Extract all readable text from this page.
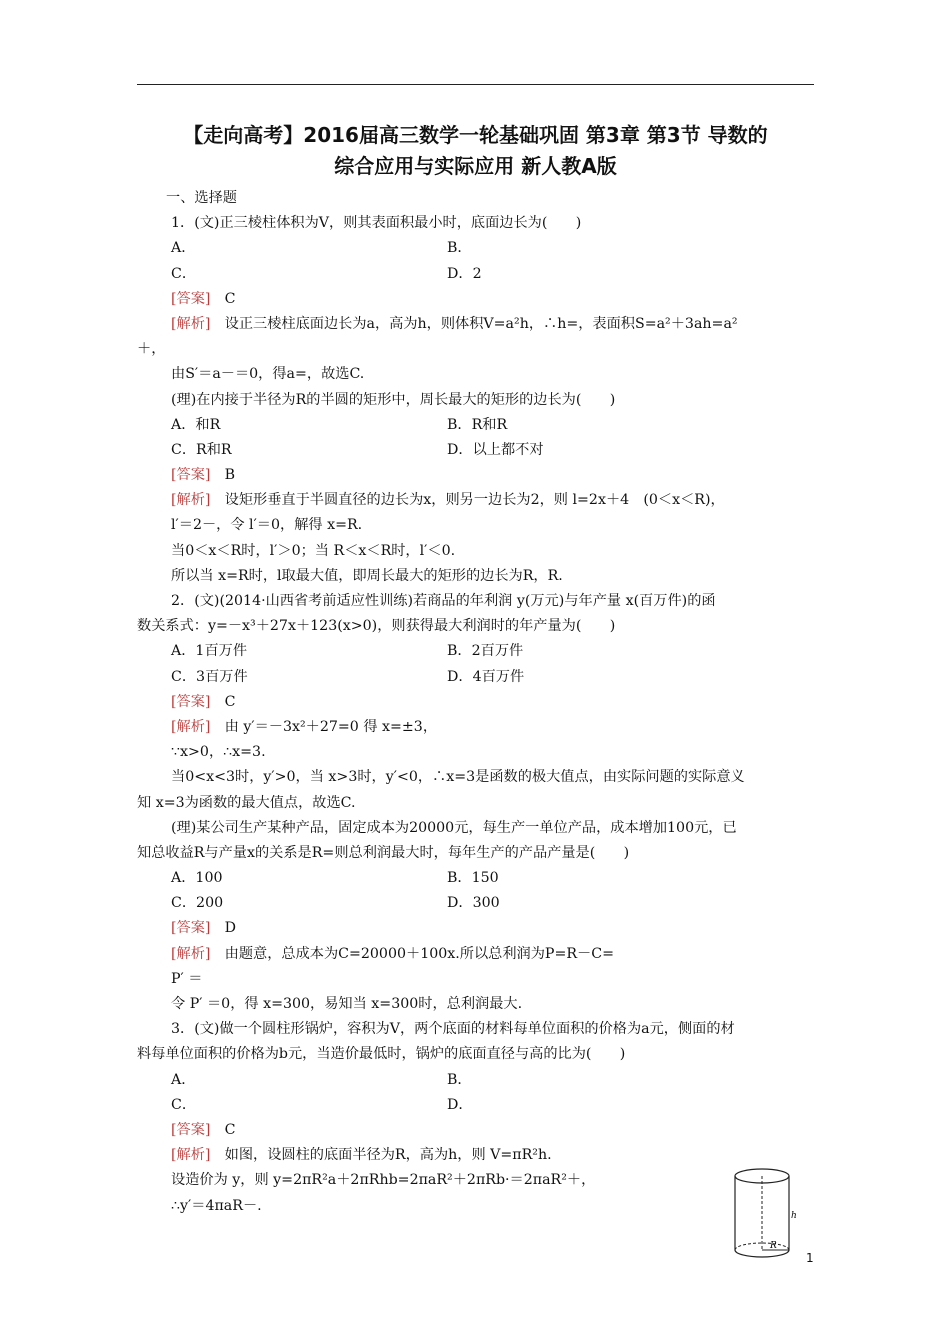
【走向高考】2016届高三数学一轮基础巩固 第3章 第3节 导数的
综合应用与实际应用 新人教A版
一、选择题
1．(文)正三棱柱体积为V，则其表面积最小时，底面边长为(　　)
A．	B．
C．	D．2
[答案]　C
[解析]　设正三棱柱底面边长为a，高为h，则体积V=a²h，∴h=，表面积S=a²＋3ah=a²
＋，
由S′＝a－＝0，得a=，故选C.
(理)在内接于半径为R的半圆的矩形中，周长最大的矩形的边长为(　　)
A．和R	B．R和R
C．R和R	D．以上都不对
[答案]　B
[解析]　设矩形垂直于半圆直径的边长为x，则另一边长为2，则 l=2x＋4　(0＜x＜R)，
l′＝2－，令 l′＝0，解得 x=R.
当0＜x＜R时，l′＞0；当 R＜x＜R时，l′＜0.
所以当 x=R时，l取最大值，即周长最大的矩形的边长为R，R.
2．(文)(2014·山西省考前适应性训练)若商品的年利润 y(万元)与年产量 x(百万件)的函
数关系式：y=－x³＋27x＋123(x>0)，则获得最大利润时的年产量为(　　)
A．1百万件	B．2百万件
C．3百万件	D．4百万件
[答案]　C
[解析]　由 y′＝－3x²＋27=0 得 x=±3，
∵x>0，∴x=3.
当0<x<3时，y′>0，当 x>3时，y′<0，∴x=3是函数的极大值点，由实际问题的实际意义
知 x=3为函数的最大值点，故选C.
(理)某公司生产某种产品，固定成本为20000元，每生产一单位产品，成本增加100元，已
知总收益R与产量x的关系是R=则总利润最大时，每年生产的产品产量是(　　)
A．100	B．150
C．200	D．300
[答案]　D
[解析]　由题意，总成本为C=20000＋100x.所以总利润为P=R－C=
P′ ＝
令 P′ ＝0，得 x=300，易知当 x=300时，总利润最大.
3．(文)做一个圆柱形锅炉，容积为V，两个底面的材料每单位面积的价格为a元，侧面的材
料每单位面积的价格为b元，当造价最低时，锅炉的底面直径与高的比为(　　)
A．	B．
C．	D．
[答案]　C
[解析]　如图，设圆柱的底面半径为R，高为h，则 V=πR²h.
设造价为 y，则 y=2πR²a＋2πRhb=2πaR²＋2πRb·＝2πaR²＋，
∴y′＝4πaR－.
h
R
1
